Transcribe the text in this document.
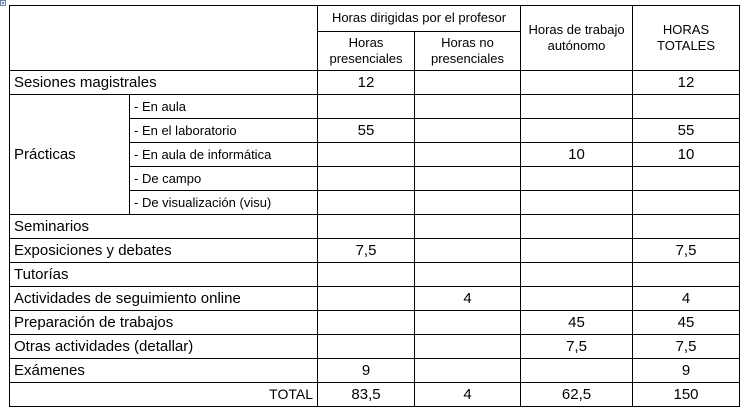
		Horas dirigidas por el profesor		Horas de trabajo autónomo	HORAS TOTALES
		Horas presenciales	Horas no presenciales		
Sesiones magistrales		12			12
Prácticas	- En aula				
	- En el laboratorio	55			55
	- En aula de informática			10	10
	- De campo				
	- De visualización (visu)				
Seminarios					
Exposiciones y debates		7,5			7,5
Tutorías					
Actividades de seguimiento online			4		4
Preparación de trabajos				45	45
Otras actividades (detallar)				7,5	7,5
Exámenes		9			9
TOTAL		83,5	4	62,5	150
